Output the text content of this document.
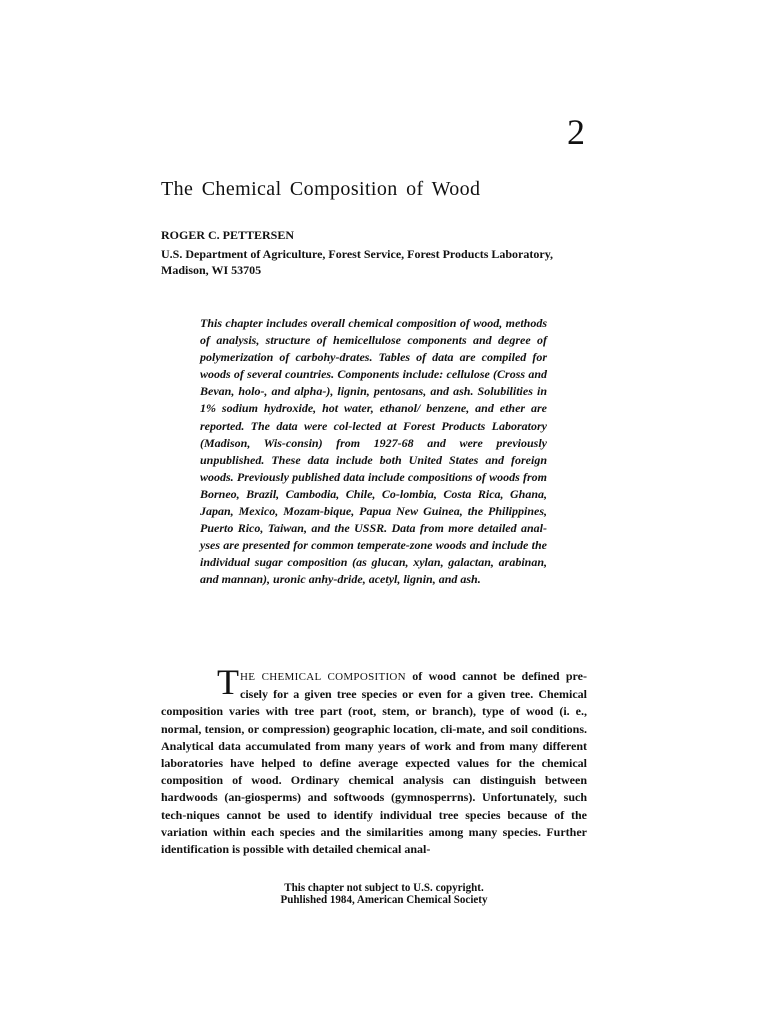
2
The Chemical Composition of Wood
ROGER C. PETTERSEN
U.S. Department of Agriculture, Forest Service, Forest Products Laboratory, Madison, WI 53705

This chapter includes overall chemical composition of wood, methods of analysis, structure of hemicellulose components and degree of polymerization of carbohy-drates. Tables of data are compiled for woods of several countries. Components include: cellulose (Cross and Bevan, holo-, and alpha-), lignin, pentosans, and ash. Solubilities in 1% sodium hydroxide, hot water, ethanol/ benzene, and ether are reported. The data were col-lected at Forest Products Laboratory (Madison, Wis-consin) from 1927-68 and were previously unpublished. These data include both United States and foreign woods. Previously published data include compositions of woods from Borneo, Brazil, Cambodia, Chile, Co-lombia, Costa Rica, Ghana, Japan, Mexico, Mozam-bique, Papua New Guinea, the Philippines, Puerto Rico, Taiwan, and the USSR. Data from more detailed anal-yses are presented for common temperate-zone woods and include the individual sugar composition (as glucan, xylan, galactan, arabinan, and mannan), uronic anhy-dride, acetyl, lignin, and ash.

THE CHEMICAL COMPOSITION of wood cannot be defined pre-cisely for a given tree species or even for a given tree. Chemical composition varies with tree part (root, stem, or branch), type of wood (i. e., normal, tension, or compression) geographic location, cli-mate, and soil conditions. Analytical data accumulated from many years of work and from many different laboratories have helped to define average expected values for the chemical composition of wood. Ordinary chemical analysis can distinguish between hardwoods (an-giosperms) and softwoods (gymnosperrns). Unfortunately, such tech-niques cannot be used to identify individual tree species because of the variation within each species and the similarities among many species. Further identification is possible with detailed chemical anal-

This chapter not subject to U.S. copyright.
Puhlished 1984, American Chemical Society
